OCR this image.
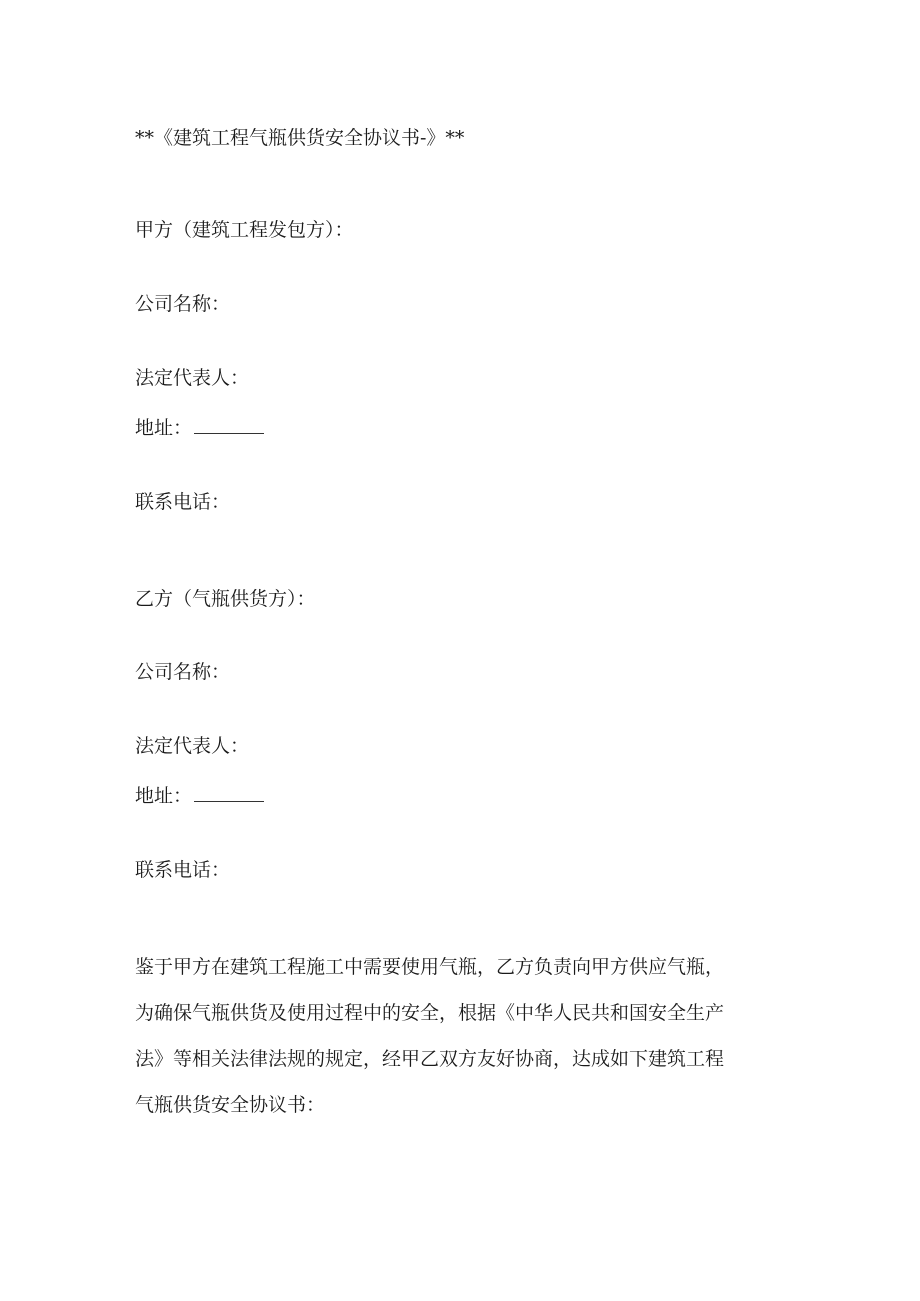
**《建筑工程气瓶供货安全协议书-》**
甲方（建筑工程发包方）：
公司名称：
法定代表人：
地址：
联系电话：
乙方（气瓶供货方）：
公司名称：
法定代表人：
地址：
联系电话：
鉴于甲方在建筑工程施工中需要使用气瓶，乙方负责向甲方供应气瓶，
为确保气瓶供货及使用过程中的安全，根据《中华人民共和国安全生产
法》等相关法律法规的规定，经甲乙双方友好协商，达成如下建筑工程
气瓶供货安全协议书：
